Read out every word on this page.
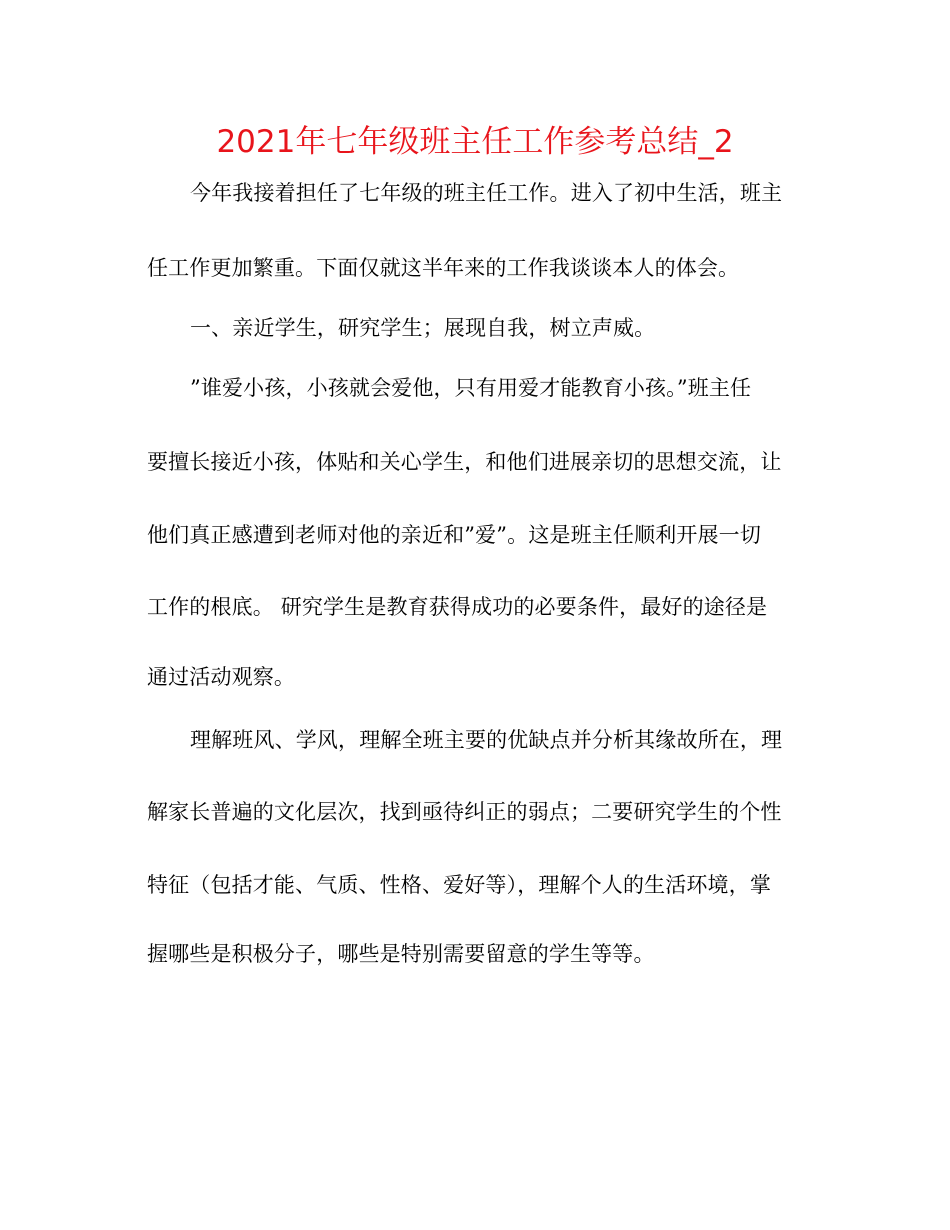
2021年七年级班主任工作参考总结_2
今年我接着担任了七年级的班主任工作。进入了初中生活，班主
任工作更加繁重。下面仅就这半年来的工作我谈谈本人的体会。
一、亲近学生，研究学生；展现自我，树立声威。
”谁爱小孩，小孩就会爱他，只有用爱才能教育小孩。”班主任
要擅长接近小孩，体贴和关心学生，和他们进展亲切的思想交流，让
他们真正感遭到老师对他的亲近和”爱”。这是班主任顺利开展一切
工作的根底。 研究学生是教育获得成功的必要条件，最好的途径是
通过活动观察。
理解班风、学风，理解全班主要的优缺点并分析其缘故所在，理
解家长普遍的文化层次，找到亟待纠正的弱点；二要研究学生的个性
特征（包括才能、气质、性格、爱好等），理解个人的生活环境，掌
握哪些是积极分子，哪些是特别需要留意的学生等等。
